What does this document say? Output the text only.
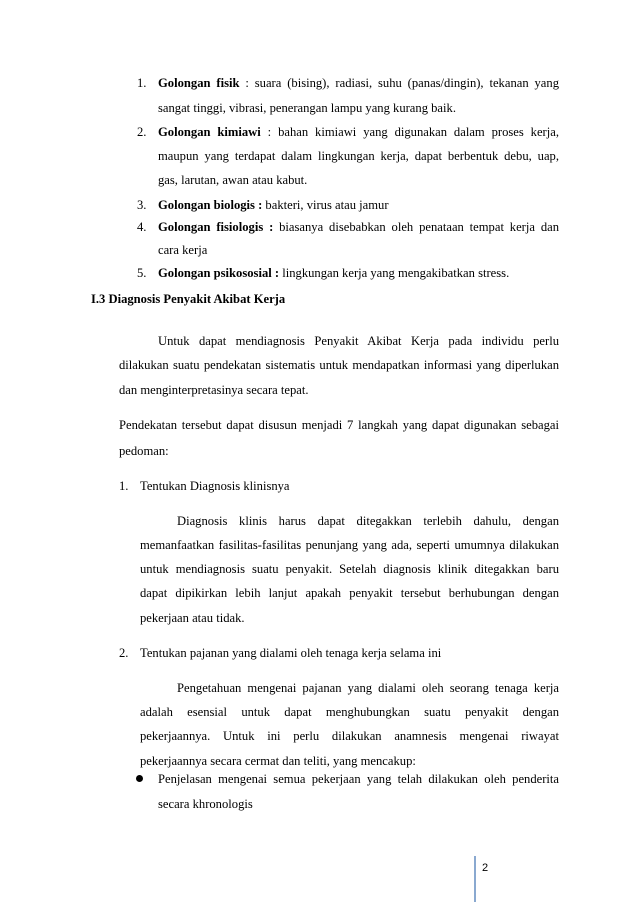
1. Golongan fisik : suara (bising), radiasi, suhu (panas/dingin), tekanan yang
sangat tinggi, vibrasi, penerangan lampu yang kurang baik.
2. Golongan kimiawi : bahan kimiawi yang digunakan dalam proses kerja,
maupun yang terdapat dalam lingkungan kerja, dapat berbentuk debu, uap,
gas, larutan, awan atau kabut.
3. Golongan biologis : bakteri, virus atau jamur
4. Golongan fisiologis : biasanya disebabkan oleh penataan tempat kerja dan
cara kerja
5. Golongan psikososial : lingkungan kerja yang mengakibatkan stress.
I.3 Diagnosis Penyakit Akibat Kerja
Untuk dapat mendiagnosis Penyakit Akibat Kerja pada individu perlu
dilakukan suatu pendekatan sistematis untuk mendapatkan informasi yang diperlukan
dan menginterpretasinya secara tepat.
Pendekatan tersebut dapat disusun menjadi 7 langkah yang dapat digunakan sebagai
pedoman:
1. Tentukan Diagnosis klinisnya
Diagnosis klinis harus dapat ditegakkan terlebih dahulu, dengan
memanfaatkan fasilitas-fasilitas penunjang yang ada, seperti umumnya dilakukan
untuk mendiagnosis suatu penyakit. Setelah diagnosis klinik ditegakkan baru
dapat dipikirkan lebih lanjut apakah penyakit tersebut berhubungan dengan
pekerjaan atau tidak.
2. Tentukan pajanan yang dialami oleh tenaga kerja selama ini
Pengetahuan mengenai pajanan yang dialami oleh seorang tenaga kerja
adalah esensial untuk dapat menghubungkan suatu penyakit dengan
pekerjaannya. Untuk ini perlu dilakukan anamnesis mengenai riwayat
pekerjaannya secara cermat dan teliti, yang mencakup:
Penjelasan mengenai semua pekerjaan yang telah dilakukan oleh penderita
secara khronologis
2
